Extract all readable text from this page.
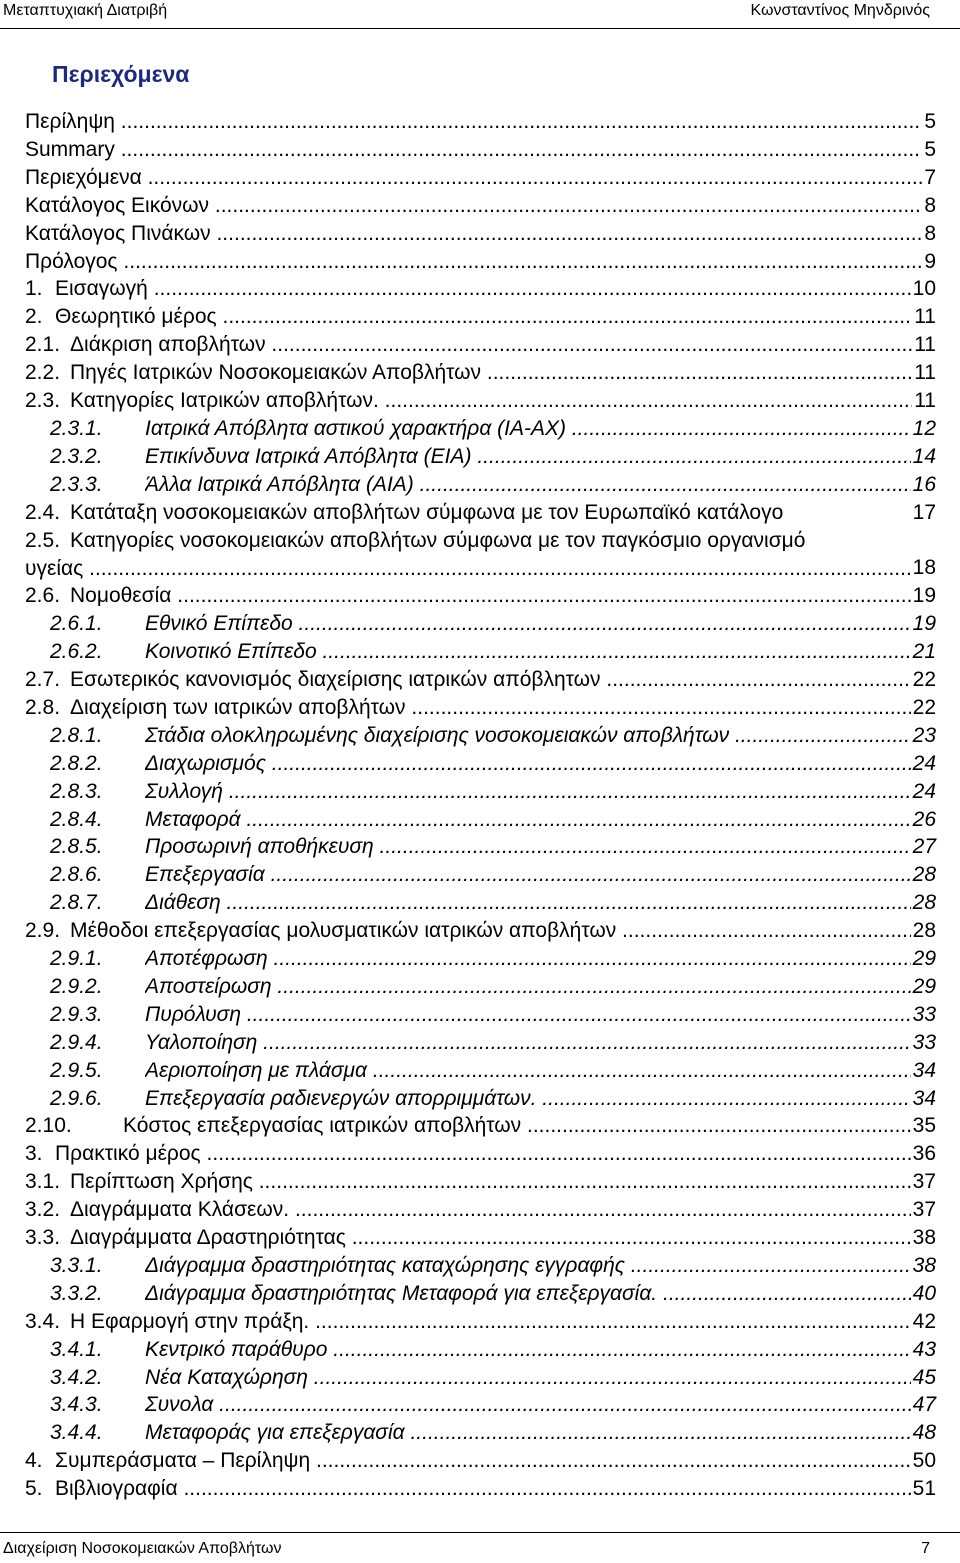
Μεταπτυχιακή Διατριβή	Κωνσταντίνος Μηνδρινός
Περιεχόμενα
Περίληψη .....	5
Summary .....	5
Περιεχόμενα .....	7
Κατάλογος Εικόνων .....	8
Κατάλογος Πινάκων .....	8
Πρόλογος .....	9
1. Εισαγωγή .....	10
2. Θεωρητικό μέρος .....	11
2.1. Διάκριση αποβλήτων .....	11
2.2. Πηγές Ιατρικών Νοσοκομειακών Αποβλήτων .....	11
2.3. Κατηγορίες Ιατρικών αποβλήτων. .....	11
2.3.1. Ιατρικά Απόβλητα αστικού χαρακτήρα (ΙΑ-ΑΧ) .....	12
2.3.2. Επικίνδυνα Ιατρικά Απόβλητα (ΕΙΑ) .....	14
2.3.3. Άλλα Ιατρικά Απόβλητα (ΑΙΑ) .....	16
2.4. Κατάταξη νοσοκομειακών αποβλήτων σύμφωνα με τον Ευρωπαϊκό κατάλογο	17
2.5. Κατηγορίες νοσοκομειακών αποβλήτων σύμφωνα με τον παγκόσμιο οργανισμό
υγείας .....	18
2.6. Νομοθεσία .....	19
2.6.1. Εθνικό Επίπεδο .....	19
2.6.2. Κοινοτικό Επίπεδο .....	21
2.7. Εσωτερικός κανονισμός διαχείρισης ιατρικών απόβλητων .....	22
2.8. Διαχείριση των ιατρικών αποβλήτων .....	22
2.8.1. Στάδια ολοκληρωμένης διαχείρισης νοσοκομειακών αποβλήτων .....	23
2.8.2. Διαχωρισμός .....	24
2.8.3. Συλλογή .....	24
2.8.4. Μεταφορά .....	26
2.8.5. Προσωρινή αποθήκευση .....	27
2.8.6. Επεξεργασία .....	28
2.8.7. Διάθεση .....	28
2.9. Μέθοδοι επεξεργασίας μολυσματικών ιατρικών αποβλήτων .....	28
2.9.1. Αποτέφρωση .....	29
2.9.2. Αποστείρωση .....	29
2.9.3. Πυρόλυση .....	33
2.9.4. Υαλοποίηση .....	33
2.9.5. Αεριοποίηση με πλάσμα .....	34
2.9.6. Επεξεργασία ραδιενεργών απορριμμάτων. .....	34
2.10. Κόστος επεξεργασίας ιατρικών αποβλήτων .....	35
3. Πρακτικό μέρος .....	36
3.1. Περίπτωση Χρήσης .....	37
3.2. Διαγράμματα Κλάσεων. .....	37
3.3. Διαγράμματα Δραστηριότητας .....	38
3.3.1. Διάγραμμα δραστηριότητας καταχώρησης εγγραφής .....	38
3.3.2. Διάγραμμα δραστηριότητας Μεταφορά για επεξεργασία. .....	40
3.4. Η Εφαρμογή στην πράξη. .....	42
3.4.1. Κεντρικό παράθυρο .....	43
3.4.2. Νέα Καταχώρηση .....	45
3.4.3. Συνολα .....	47
3.4.4. Μεταφοράς για επεξεργασία .....	48
4. Συμπεράσματα – Περίληψη .....	50
5. Βιβλιογραφία .....	51
Διαχείριση Νοσοκομειακών Αποβλήτων	7
